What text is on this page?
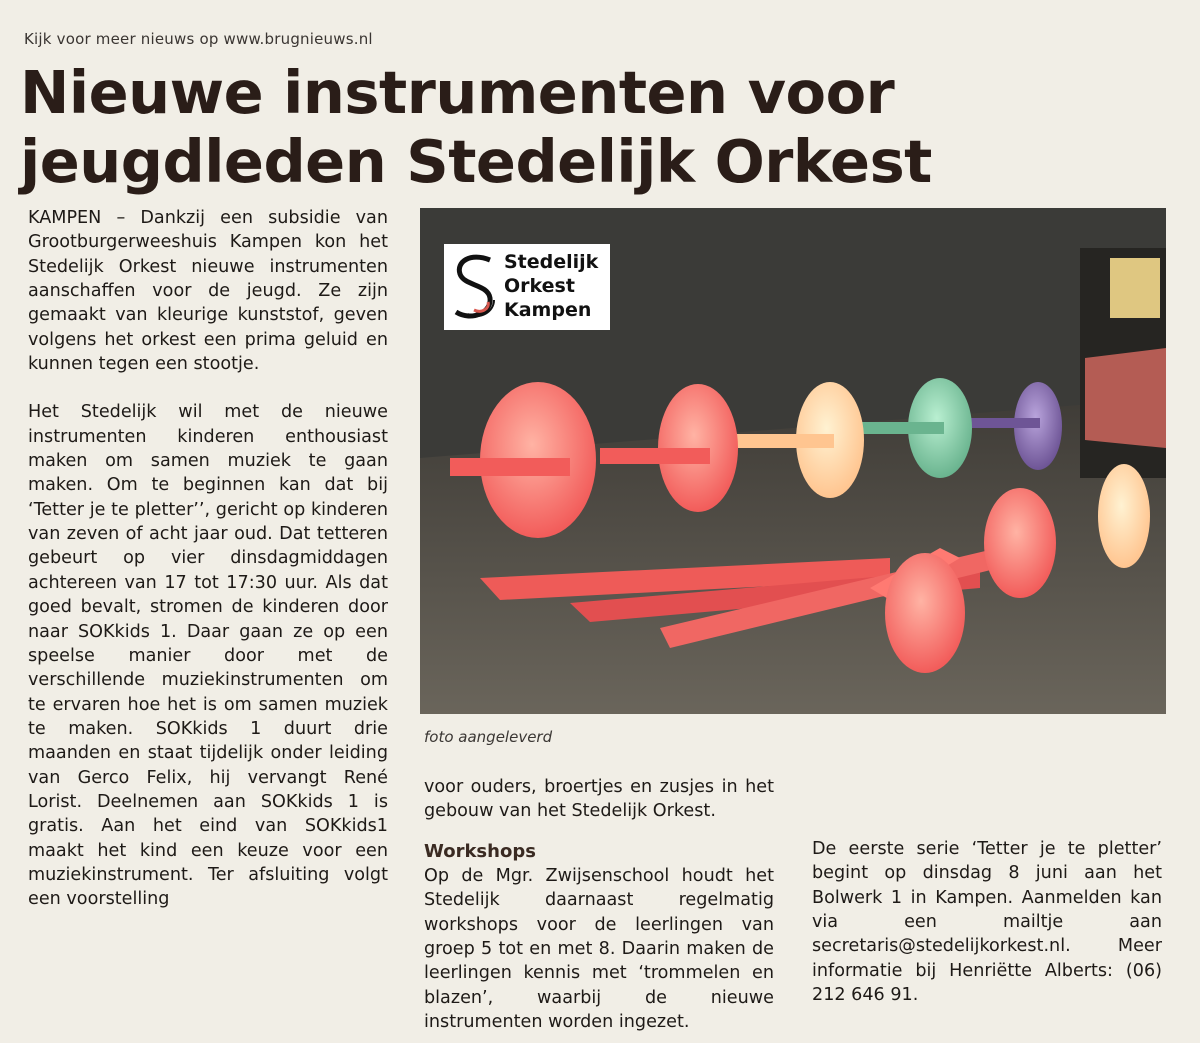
Kijk voor meer nieuws op www.brugnieuws.nl
Nieuwe instrumenten voor
jeugdleden Stedelijk Orkest

KAMPEN – Dankzij een subsidie van Grootburgerweeshuis Kampen kon het Stedelijk Orkest nieuwe instrumenten aanschaffen voor de jeugd. Ze zijn gemaakt van kleurige kunststof, geven volgens het orkest een prima geluid en kunnen tegen een stootje.

Het Stedelijk wil met de nieuwe instrumenten kinderen enthousiast maken om samen muziek te gaan maken. Om te beginnen kan dat bij ‘Tetter je te pletter’’, gericht op kinderen van zeven of acht jaar oud. Dat tetteren gebeurt op vier dinsdagmiddagen achtereen van 17 tot 17:30 uur. Als dat goed bevalt, stromen de kinderen door naar SOKkids 1. Daar gaan ze op een speelse manier door met de verschillende muziekinstrumenten om te ervaren hoe het is om samen muziek te maken. SOKkids 1 duurt drie maanden en staat tijdelijk onder leiding van Gerco Felix, hij vervangt René Lorist. Deelnemen aan SOKkids 1 is gratis. Aan het eind van SOKkids1 maakt het kind een keuze voor een muziekinstrument. Ter afsluiting volgt een voorstelling

Stedelijk
Orkest
Kampen
foto aangeleverd

voor ouders, broertjes en zusjes in het gebouw van het Stedelijk Orkest.

Workshops

Op de Mgr. Zwijsenschool houdt het Stedelijk daarnaast regelmatig workshops voor de leerlingen van groep 5 tot en met 8. Daarin maken de leerlingen kennis met ‘trommelen en blazen’, waarbij de nieuwe instrumenten worden ingezet.

De eerste serie ‘Tetter je te pletter’ begint op dinsdag 8 juni aan het Bolwerk 1 in Kampen. Aanmelden kan via een mailtje aan secretaris@stedelijkorkest.nl. Meer informatie bij Henriëtte Alberts: (06) 212 646 91.
